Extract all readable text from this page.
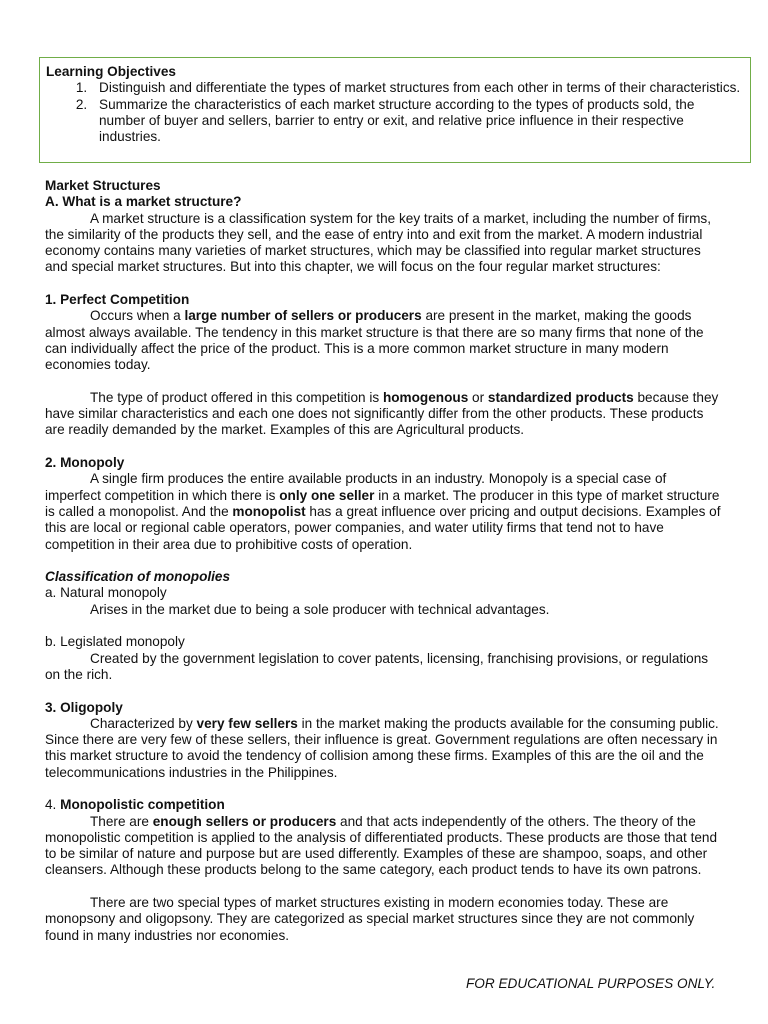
Learning Objectives
1. Distinguish and differentiate the types of market structures from each other in terms of their characteristics.
2. Summarize the characteristics of each market structure according to the types of products sold, the number of buyer and sellers, barrier to entry or exit, and relative price influence in their respective industries.

Market Structures

A. What is a market structure?

A market structure is a classification system for the key traits of a market, including the number of firms, the similarity of the products they sell, and the ease of entry into and exit from the market. A modern industrial economy contains many varieties of market structures, which may be classified into regular market structures and special market structures. But into this chapter, we will focus on the four regular market structures:

1. Perfect Competition

Occurs when a large number of sellers or producers are present in the market, making the goods almost always available. The tendency in this market structure is that there are so many firms that none of the can individually affect the price of the product. This is a more common market structure in many modern economies today.

The type of product offered in this competition is homogenous or standardized products because they have similar characteristics and each one does not significantly differ from the other products. These products are readily demanded by the market. Examples of this are Agricultural products.

2. Monopoly

A single firm produces the entire available products in an industry. Monopoly is a special case of imperfect competition in which there is only one seller in a market. The producer in this type of market structure is called a monopolist. And the monopolist has a great influence over pricing and output decisions. Examples of this are local or regional cable operators, power companies, and water utility firms that tend not to have competition in their area due to prohibitive costs of operation.

Classification of monopolies

a. Natural monopoly

Arises in the market due to being a sole producer with technical advantages.

b. Legislated monopoly

Created by the government legislation to cover patents, licensing, franchising provisions, or regulations on the rich.

3. Oligopoly

Characterized by very few sellers in the market making the products available for the consuming public. Since there are very few of these sellers, their influence is great. Government regulations are often necessary in this market structure to avoid the tendency of collision among these firms. Examples of this are the oil and the telecommunications industries in the Philippines.

4. Monopolistic competition

There are enough sellers or producers and that acts independently of the others. The theory of the monopolistic competition is applied to the analysis of differentiated products. These products are those that tend to be similar of nature and purpose but are used differently. Examples of these are shampoo, soaps, and other cleansers. Although these products belong to the same category, each product tends to have its own patrons.

There are two special types of market structures existing in modern economies today. These are monopsony and oligopsony. They are categorized as special market structures since they are not commonly found in many industries nor economies.

FOR EDUCATIONAL PURPOSES ONLY.
